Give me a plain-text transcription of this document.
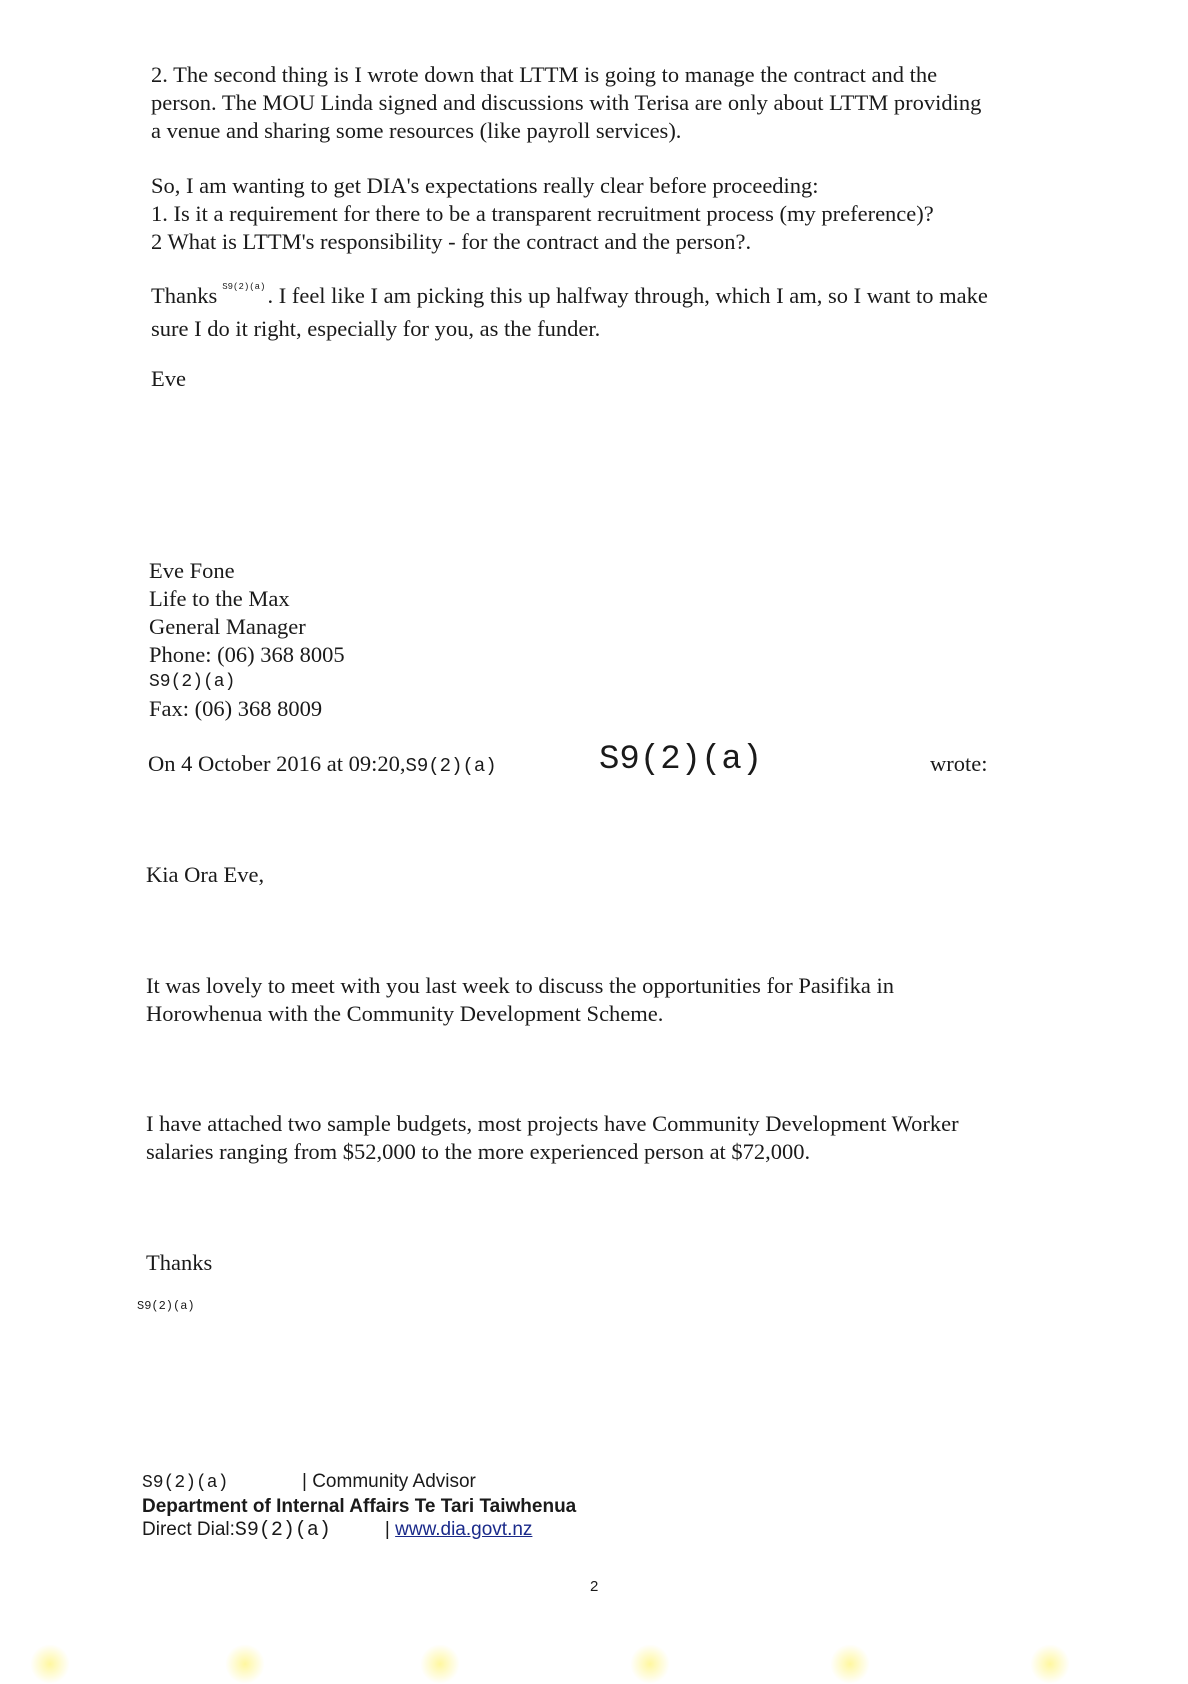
2. The second thing is I wrote down that LTTM is going to manage the contract and the
person. The MOU Linda signed and discussions with Terisa are only about LTTM providing
a venue and sharing some resources (like payroll services).
So, I am wanting to get DIA's expectations really clear before proceeding:
1. Is it a requirement for there to be a transparent recruitment process (my preference)?
2 What is LTTM's responsibility - for the contract and the person?.
Thanks $^{S9(2)(a)}$. I feel like I am picking this up halfway through, which I am, so I want to make
sure I do it right, especially for you, as the funder.
Eve
Eve Fone
Life to the Max
General Manager
Phone: (06) 368 8005
S9(2)(a)
Fax: (06) 368 8009
On 4 October 2016 at 09:20,S9(2)(a)	S9(2)(a)	wrote:
Kia Ora Eve,
It was lovely to meet with you last week to discuss the opportunities for Pasifika in
Horowhenua with the Community Development Scheme.
I have attached two sample budgets, most projects have Community Development Worker
salaries ranging from $52,000 to the more experienced person at $72,000.
Thanks
S9(2)(a)
S9(2)(a)	| Community Advisor
Department of Internal Affairs Te Tari Taiwhenua
Direct Dial:S9(2)(a)	| www.dia.govt.nz
2
